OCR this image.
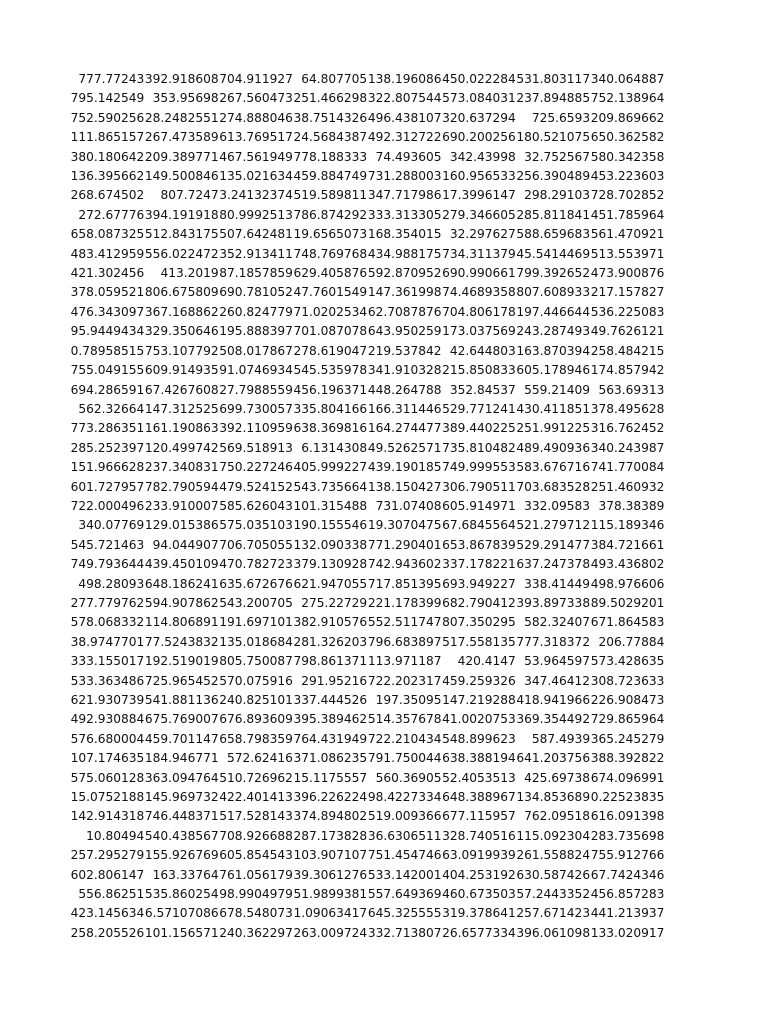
777.77243	392.918608	704.911927	64.807705	138.196086	450.022284	531.803117	340.064887
795.142549	353.95698	267.560473	251.466298	322.807544	573.084031	237.894885	752.138964
752.590256	28.2482551	274.888046	38.7514326	496.438107	320.637294	725.6593	209.869662
111.865157	267.473589	613.769517	24.5684387	492.312722	690.200256	180.521075	650.362582
380.180642	209.389771	467.561949	778.188333	74.493605	342.43998	32.752567	580.342358
136.395662	149.500846	135.021634	459.884749	731.288003	160.956533	256.390489	453.223603
268.674502	807.7247	3.24132374	519.589811	347.717986	17.3996147	298.29103	728.702852
272.67776	394.191918	80.9992513	786.874292	333.313305	279.346605	285.811841	451.785964
658.087325	512.843175	507.642481	19.6565073	168.354015	32.297627	588.659683	561.470921
483.412959	556.022472	352.913411	748.769768	434.988175	734.311379	45.5414469	513.553971
421.302456	413.2019	87.1857859	629.405876	592.870952	690.990661	799.392652	473.900876
378.059521	806.675809	690.781052	47.7601549	147.361998	74.4689358	807.608933	217.157827
476.343097	367.168862	260.824779	71.0202534	62.7087876	704.806178	197.446644	536.225083
95.9449434	329.350646	195.888397	701.087078	643.950259	173.037569	243.287493	49.7626121
0.78958515	753.107792	508.017867	278.619047	219.537842	42.644803	163.870394	258.484215
755.049155	609.914935	91.0746934	545.535978	341.910328	215.850833	605.178946	174.857942
694.286591	67.4267608	27.7988559	456.196371	448.264788	352.84537	559.21409	563.69313
562.32664	147.312525	699.730057	335.804166	166.311446	529.771241	430.411851	378.495628
773.286351	161.190863	392.110959	638.369816	164.274477	389.440225	251.991225	316.762452
285.252397	120.499742	569.518913	6.1314308	49.5262571	735.810482	489.490936	340.243987
151.966628	237.340831	750.227246	405.999227	439.190185	749.999553	583.676716	741.770084
601.727957	782.790594	479.524152	543.735664	138.150427	306.790511	703.683528	251.460932
722.000496	233.910007	585.626043	101.315488	731.07408	605.914971	332.09583	378.38389
340.07769	129.015386	575.035103	190.155546	19.3070475	67.6845564	521.279712	115.189346
545.721463	94.044907	706.705055	132.090338	771.290401	653.867839	529.291477	384.721661
749.793644	439.450109	470.782723	379.130928	742.943602	337.178221	637.247378	493.436802
498.28093	648.186241	635.672676	621.947055	717.851395	693.949227	338.41449	498.976606
277.779762	594.907862	543.200705	275.22729	221.178399	682.790412	393.897338	89.5029201
578.068332	114.806891	191.697101	382.910576	552.511747	807.350295	582.32407	671.864583
38.9747701	77.5243832	135.018684	281.326203	796.683897	517.558135	777.318372	206.77884
333.155017	192.519019	805.750087	798.861371	113.971187	420.4147	53.964597	573.428635
533.363486	725.965452	570.075916	291.95216	722.202317	459.259326	347.46412	308.723633
621.930739	541.881136	240.825101	337.444526	197.35095	147.219288	418.941966	226.908473
492.930884	675.769007	676.893609	395.389462	514.357678	41.0020753	369.354492	729.865964
576.680004	459.701147	658.798359	764.431949	722.210434	548.899623	587.4939	365.245279
107.174635	184.946771	572.62416	371.086235	791.750044	638.388194	641.203756	388.392822
575.060128	363.094764	510.726962	15.1175557	560.36905	52.4053513	425.69738	674.096991
15.0752188	145.969732	422.401413	396.226224	98.4227334	648.388967	134.853689	0.22523835
142.914318	746.448371	517.528143	374.894802	519.009366	677.115957	762.09518	616.091398
10.80494	540.438567	708.926688	287.173828	36.6306511	328.740516	115.092304	283.735698
257.295279	155.926769	605.854543	103.907107	751.454746	63.0919939	261.558824	755.912766
602.806147	163.33764	761.056179	39.3061276	533.142001	404.253192	630.587426	67.7424346
556.86251	535.860254	98.9904979	51.9899381	557.649369	460.673503	57.2443352	456.857283
423.145634	6.57107086	678.548073	1.09063417	645.325555	319.378641	257.671423	441.213937
258.205526	101.156571	240.362297	263.009724	332.713807	26.6577334	396.061098	133.020917
